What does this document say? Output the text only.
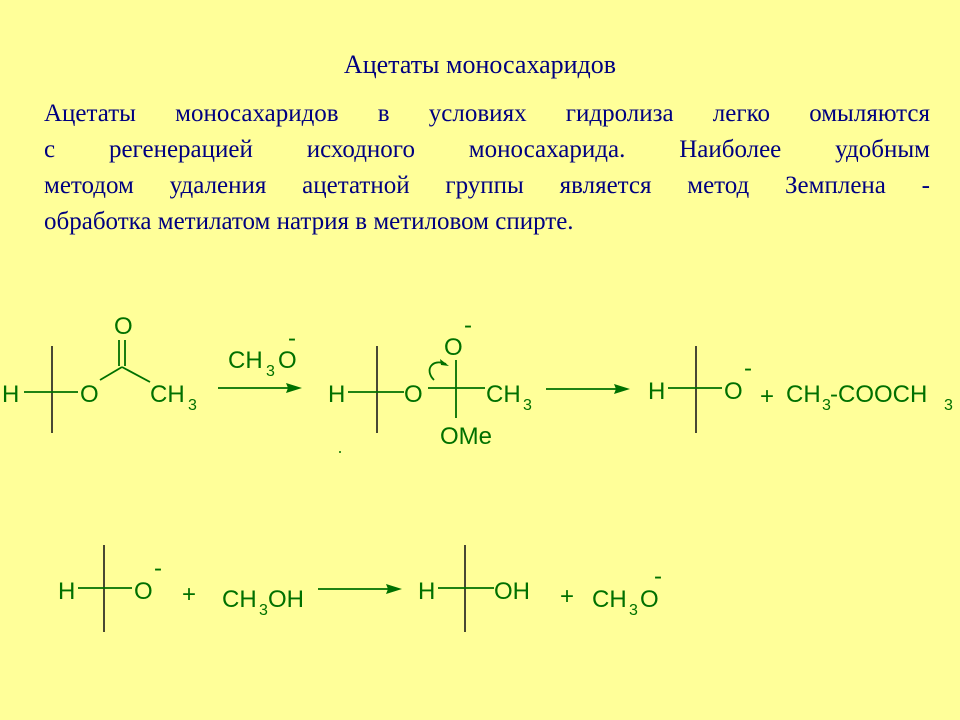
Ацетаты моносахаридов
Ацетаты моносахаридов в условиях гидролиза легко омыляются
с регенерацией исходного моносахарида. Наиболее удобным
методом удаления ацетатной группы является метод Земплена -
обработка метилатом натрия в метиловом спирте.
H	O
O
CH 3
CH 3 O
-
H O
O
-
CH 3
OMe
H O
-
+ CH 3 -COOCH 3
H O
-
+ CH 3 OH	H OH + CH 3 O
-
